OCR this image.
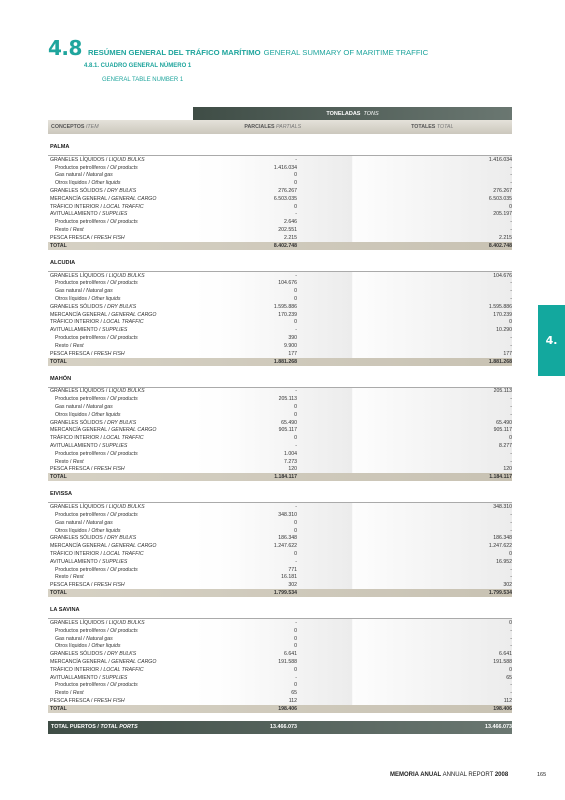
4.8 RESÚMEN GENERAL DEL TRÁFICO MARÍTIMO GENERAL SUMMARY OF MARITIME TRAFFIC
4.8.1. CUADRO GENERAL NÚMERO 1
GENERAL TABLE NUMBER 1
4.
TONELADAS TONS
CONCEPTOS ITEM	PARCIALES PARTIALS	TOTALES TOTAL
PALMA
GRANELES LÍQUIDOS / LIQUID BULKS	-	1.416.034
Productos petrolíferos / Oil products	1.416.034	-
Gas natural / Natural gas	0	-
Otros líquidos / Other liquids	0	-
GRANELES SÓLIDOS / DRY BULKS	276.267	276.267
MERCANCÍA GENERAL / GENERAL CARGO	6.503.035	6.503.035
TRÁFICO INTERIOR / LOCAL TRAFFIC	0	0
AVITUALLAMIENTO / SUPPLIES	-	205.197
Productos petrolíferos / Oil products	2.646	-
Resto / Rest	202.551	-
PESCA FRESCA / FRESH FISH	2.215	2.215
TOTAL	8.402.748	8.402.748
ALCUDIA
GRANELES LÍQUIDOS / LIQUID BULKS	-	104.676
Productos petrolíferos / Oil products	104.676	-
Gas natural / Natural gas	0	-
Otros líquidos / Other liquids	0	-
GRANELES SÓLIDOS / DRY BULKS	1.595.886	1.595.886
MERCANCÍA GENERAL / GENERAL CARGO	170.239	170.239
TRÁFICO INTERIOR / LOCAL TRAFFIC	0	0
AVITUALLAMIENTO / SUPPLIES	-	10.290
Productos petrolíferos / Oil products	390	-
Resto / Rest	9.900	-
PESCA FRESCA / FRESH FISH	177	177
TOTAL	1.881.268	1.881.268
MAHÓN
GRANELES LÍQUIDOS / LIQUID BULKS	-	205.113
Productos petrolíferos / Oil products	205.113	-
Gas natural / Natural gas	0	-
Otros líquidos / Other liquids	0	-
GRANELES SÓLIDOS / DRY BULKS	65.490	65.490
MERCANCÍA GENERAL / GENERAL CARGO	905.117	905.117
TRÁFICO INTERIOR / LOCAL TRAFFIC	0	0
AVITUALLAMIENTO / SUPPLIES	-	8.277
Productos petrolíferos / Oil products	1.004	-
Resto / Rest	7.273	-
PESCA FRESCA / FRESH FISH	120	120
TOTAL	1.184.117	1.184.117
EIVISSA
GRANELES LÍQUIDOS / LIQUID BULKS	-	348.310
Productos petrolíferos / Oil products	348.310	-
Gas natural / Natural gas	0	-
Otros líquidos / Other liquids	0	-
GRANELES SÓLIDOS / DRY BULKS	186.348	186.348
MERCANCÍA GENERAL / GENERAL CARGO	1.247.622	1.247.622
TRÁFICO INTERIOR / LOCAL TRAFFIC	0	0
AVITUALLAMIENTO / SUPPLIES	-	16.952
Productos petrolíferos / Oil products	771	-
Resto / Rest	16.181	-
PESCA FRESCA / FRESH FISH	302	302
TOTAL	1.799.534	1.799.534
LA SAVINA
GRANELES LÍQUIDOS / LIQUID BULKS	-	0
Productos petrolíferos / Oil products	0	-
Gas natural / Natural gas	0	-
Otros líquidos / Other liquids	0	-
GRANELES SÓLIDOS / DRY BULKS	6.641	6.641
MERCANCÍA GENERAL / GENERAL CARGO	191.588	191.588
TRÁFICO INTERIOR / LOCAL TRAFFIC	0	0
AVITUALLAMIENTO / SUPPLIES	-	65
Productos petrolíferos / Oil products	0	-
Resto / Rest	65	-
PESCA FRESCA / FRESH FISH	112	112
TOTAL	198.406	198.406
TOTAL PUERTOS / TOTAL PORTS	13.466.073	13.466.073
MEMORIA ANUAL ANNUAL REPORT 2008	165
